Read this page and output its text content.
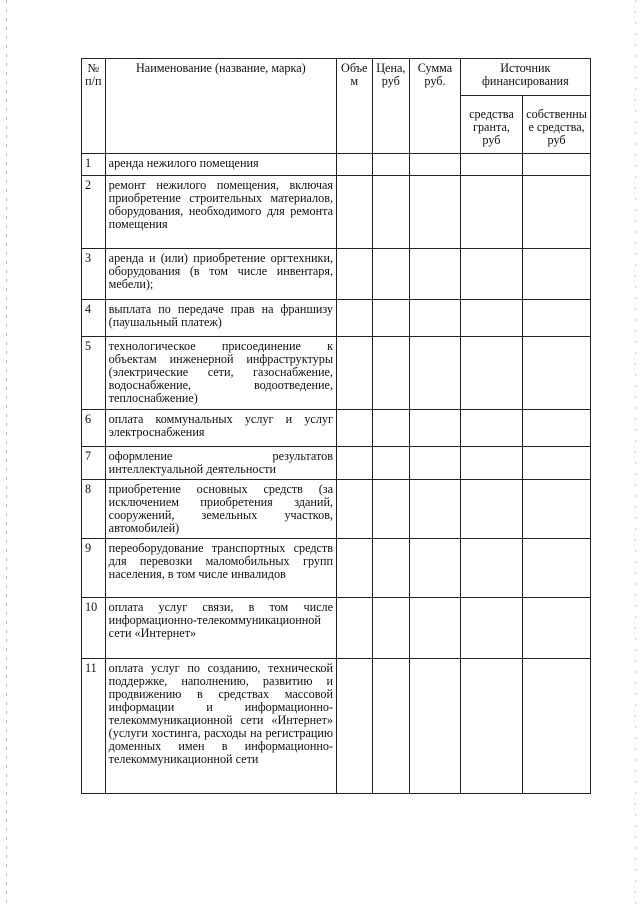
№ п/п	Наименование (название, марка)	Объе м	Цена, руб	Сумма руб.	Источник финансирования	
					средства гранта, руб	собственны е средства, руб
1	аренда нежилого помещения					
2	ремонт нежилого помещения, включая приобретение строительных материалов, оборудования, необходимого для ремонта помещения					
3	аренда и (или) приобретение оргтехники, оборудования (в том числе инвентаря, мебели);					
4	выплата по передаче прав на франшизу (паушальный платеж)					
5	технологическое присоединение к объектам инженерной инфраструктуры (электрические сети, газоснабжение, водоснабжение, водоотведение, теплоснабжение)					
6	оплата коммунальных услуг и услуг электроснабжения					
7	оформление результатов интеллектуальной деятельности					
8	приобретение основных средств (за исключением приобретения зданий, сооружений, земельных участков, автомобилей)					
9	переоборудование транспортных средств для перевозки маломобильных групп населения, в том числе инвалидов					
10	оплата услуг связи, в том числе информационно-телекоммуникационной сети «Интернет»					
11	оплата услуг по созданию, технической поддержке, наполнению, развитию и продвижению в средствах массовой информации и информационно-телекоммуникационной сети «Интернет» (услуги хостинга, расходы на регистрацию доменных имен в информационно-телекоммуникационной сети					
